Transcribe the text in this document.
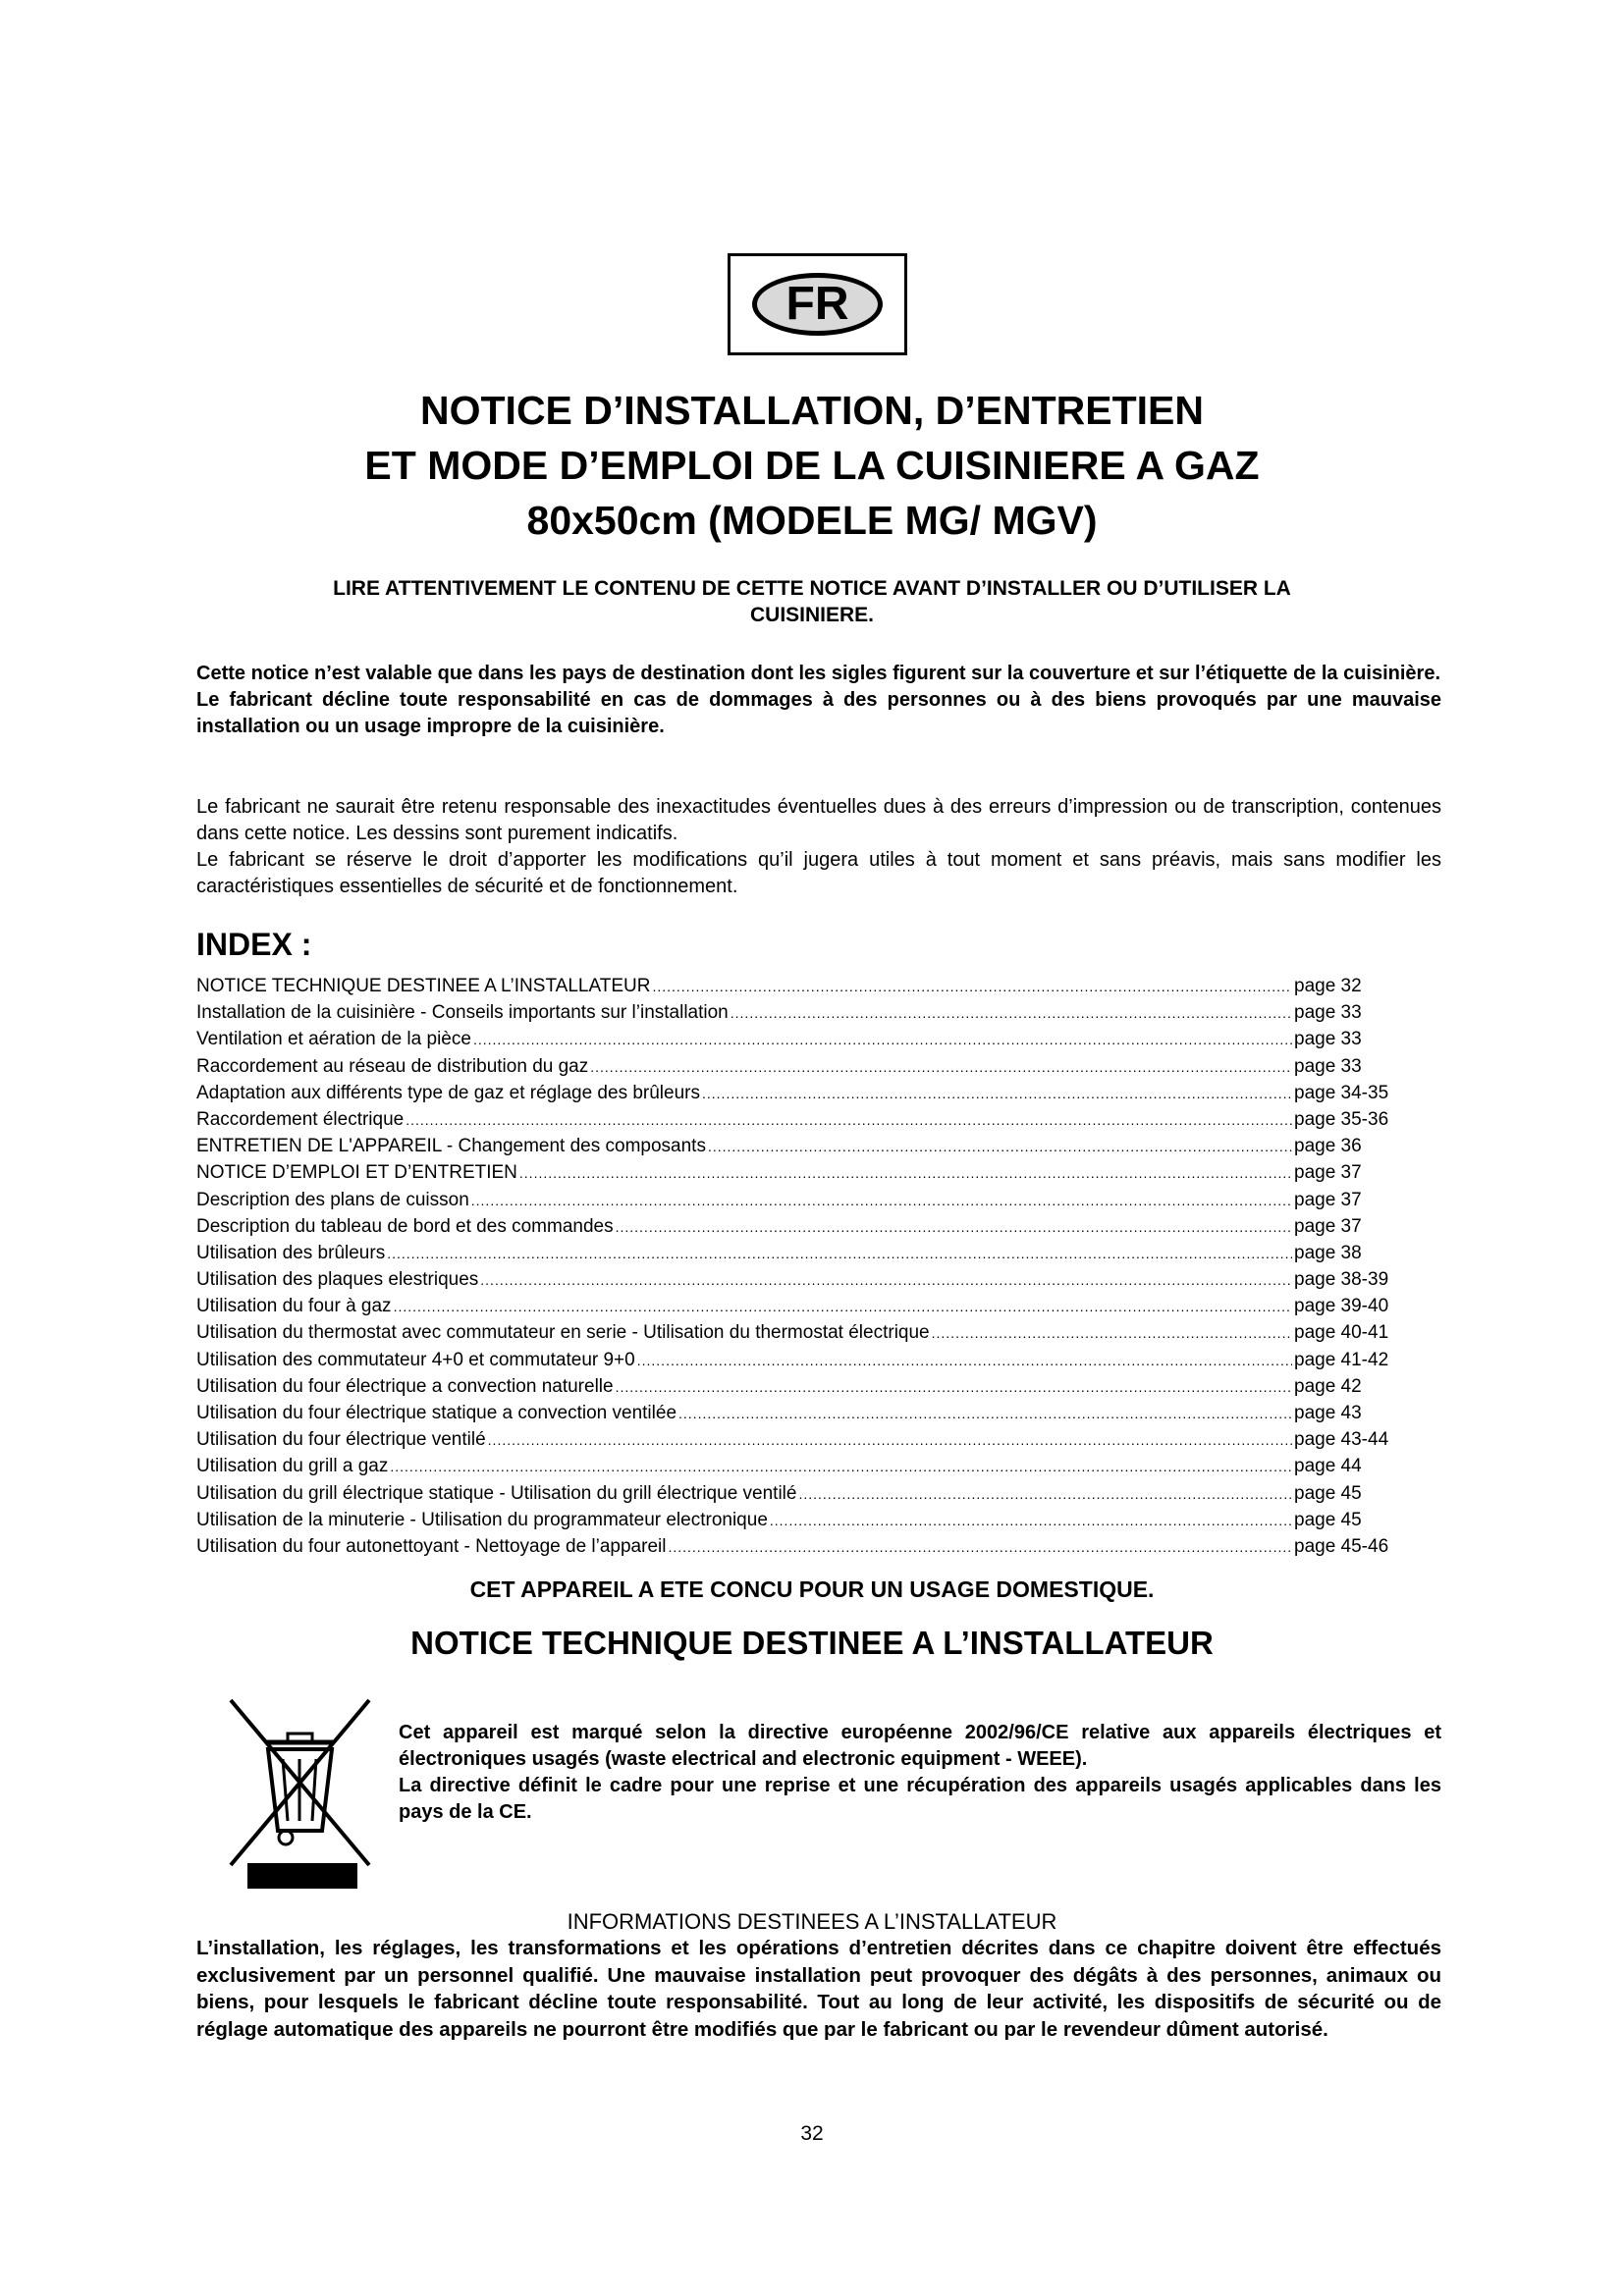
FR
NOTICE D’INSTALLATION, D’ENTRETIEN
ET MODE D’EMPLOI DE LA CUISINIERE A GAZ
80x50cm (MODELE MG/ MGV)
LIRE ATTENTIVEMENT LE CONTENU DE CETTE NOTICE AVANT D’INSTALLER OU D’UTILISER LA
CUISINIERE.

Cette notice n’est valable que dans les pays de destination dont les sigles figurent sur la couverture et sur l’étiquette de la cuisinière.

Le fabricant décline toute responsabilité en cas de dommages à des personnes ou à des biens provoqués par une mauvaise installation ou un usage impropre de la cuisinière.

Le fabricant ne saurait être retenu responsable des inexactitudes éventuelles dues à des erreurs d’impression ou de transcription, contenues dans cette notice. Les dessins sont purement indicatifs.

Le fabricant se réserve le droit d’apporter les modifications qu’il jugera utiles à tout moment et sans préavis, mais sans modifier les caractéristiques essentielles de sécurité et de fonctionnement.

INDEX :
NOTICE TECHNIQUE DESTINEE A L’INSTALLATEUR .....	page 32
Installation de la cuisinière - Conseils importants sur l’installation .....	page 33
Ventilation et aération de la pièce .....	page 33
Raccordement au réseau de distribution du gaz .....	page 33
Adaptation aux différents type de gaz et réglage des brûleurs .....	page 34-35
Raccordement électrique .....	page 35-36
ENTRETIEN DE L'APPAREIL - Changement des composants .....	page 36
NOTICE D’EMPLOI ET D’ENTRETIEN .....	page 37
Description des plans de cuisson .....	page 37
Description du tableau de bord et des commandes .....	page 37
Utilisation des brûleurs .....	page 38
Utilisation des plaques elestriques .....	page 38-39
Utilisation du four à gaz .....	page 39-40
Utilisation du thermostat avec commutateur en serie - Utilisation du thermostat électrique .....	page 40-41
Utilisation des commutateur 4+0 et commutateur 9+0 .....	page 41-42
Utilisation du four électrique a convection naturelle .....	page 42
Utilisation du four électrique statique a convection ventilée .....	page 43
Utilisation du four électrique ventilé .....	page 43-44
Utilisation du grill a gaz .....	page 44
Utilisation du grill électrique statique - Utilisation du grill électrique ventilé .....	page 45
Utilisation de la minuterie - Utilisation du programmateur electronique .....	page 45
Utilisation du four autonettoyant - Nettoyage de l’appareil .....	page 45-46
CET APPAREIL A ETE CONCU POUR UN USAGE DOMESTIQUE.
NOTICE TECHNIQUE DESTINEE A L’INSTALLATEUR

Cet appareil est marqué selon la directive européenne 2002/96/CE relative aux appareils électriques et électroniques usagés (waste electrical and electronic equipment - WEEE).

La directive définit le cadre pour une reprise et une récupération des appareils usagés applicables dans les pays de la CE.

INFORMATIONS DESTINEES A L’INSTALLATEUR
L’installation, les réglages, les transformations et les opérations d’entretien décrites dans ce chapitre doivent être effectués exclusivement par un personnel qualifié. Une mauvaise installation peut provoquer des dégâts à des personnes, animaux ou biens, pour lesquels le fabricant décline toute responsabilité. Tout au long de leur activité, les dispositifs de sécurité ou de réglage automatique des appareils ne pourront être modifiés que par le fabricant ou par le revendeur dûment autorisé.
32
